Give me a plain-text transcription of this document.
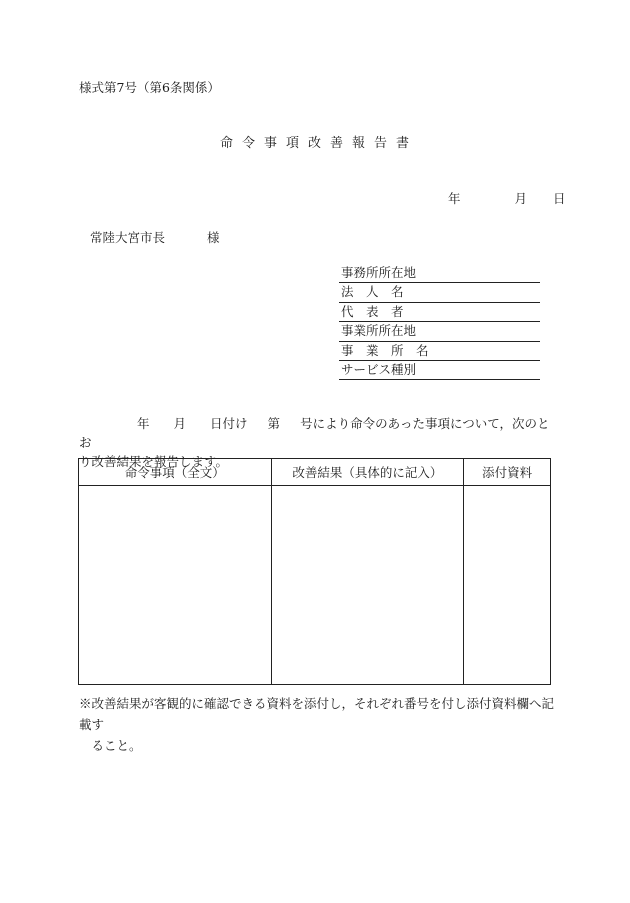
様式第7号（第6条関係）
命令事項改善報告書
年	月 日
常陸大宮市長	様
事務所所在地
法　人　名
代　表　者
事業所所在地
事　業　所　名
サービス種別
年 月 日付け 第 号により命令のあった事項について，次のとお
り改善結果を報告します。
命令事項（全文）	改善結果（具体的に記入）	添付資料

※改善結果が客観的に確認できる資料を添付し，それぞれ番号を付し添付資料欄へ記載す
　ること。
